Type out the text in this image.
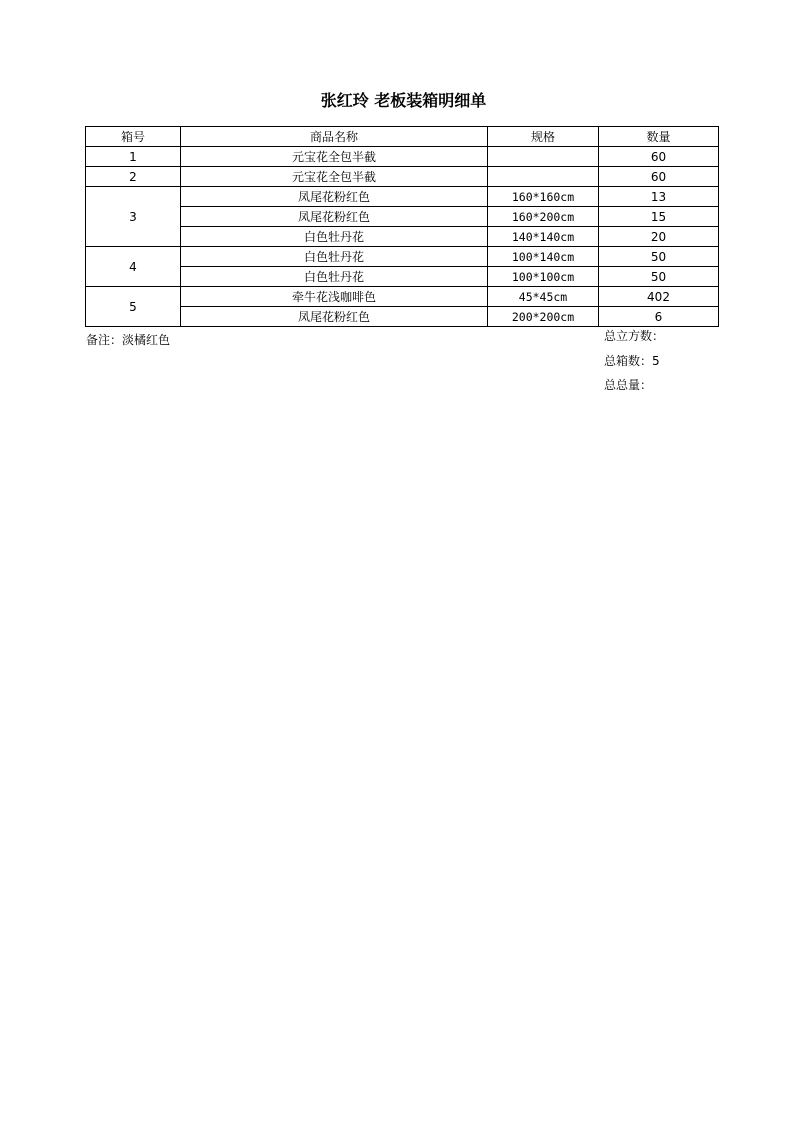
张红玲 老板装箱明细单
箱号	商品名称	规格	数量
1	元宝花全包半截		60
2	元宝花全包半截		60
3	凤尾花粉红色	160*160cm	13
	凤尾花粉红色	160*200cm	15
	白色牡丹花	140*140cm	20
4	白色牡丹花	100*140cm	50
	白色牡丹花	100*100cm	50
5	牵牛花浅咖啡色	45*45cm	402
	凤尾花粉红色	200*200cm	6
备注：淡橘红色	总立方数：
总箱数：5
总总量：
